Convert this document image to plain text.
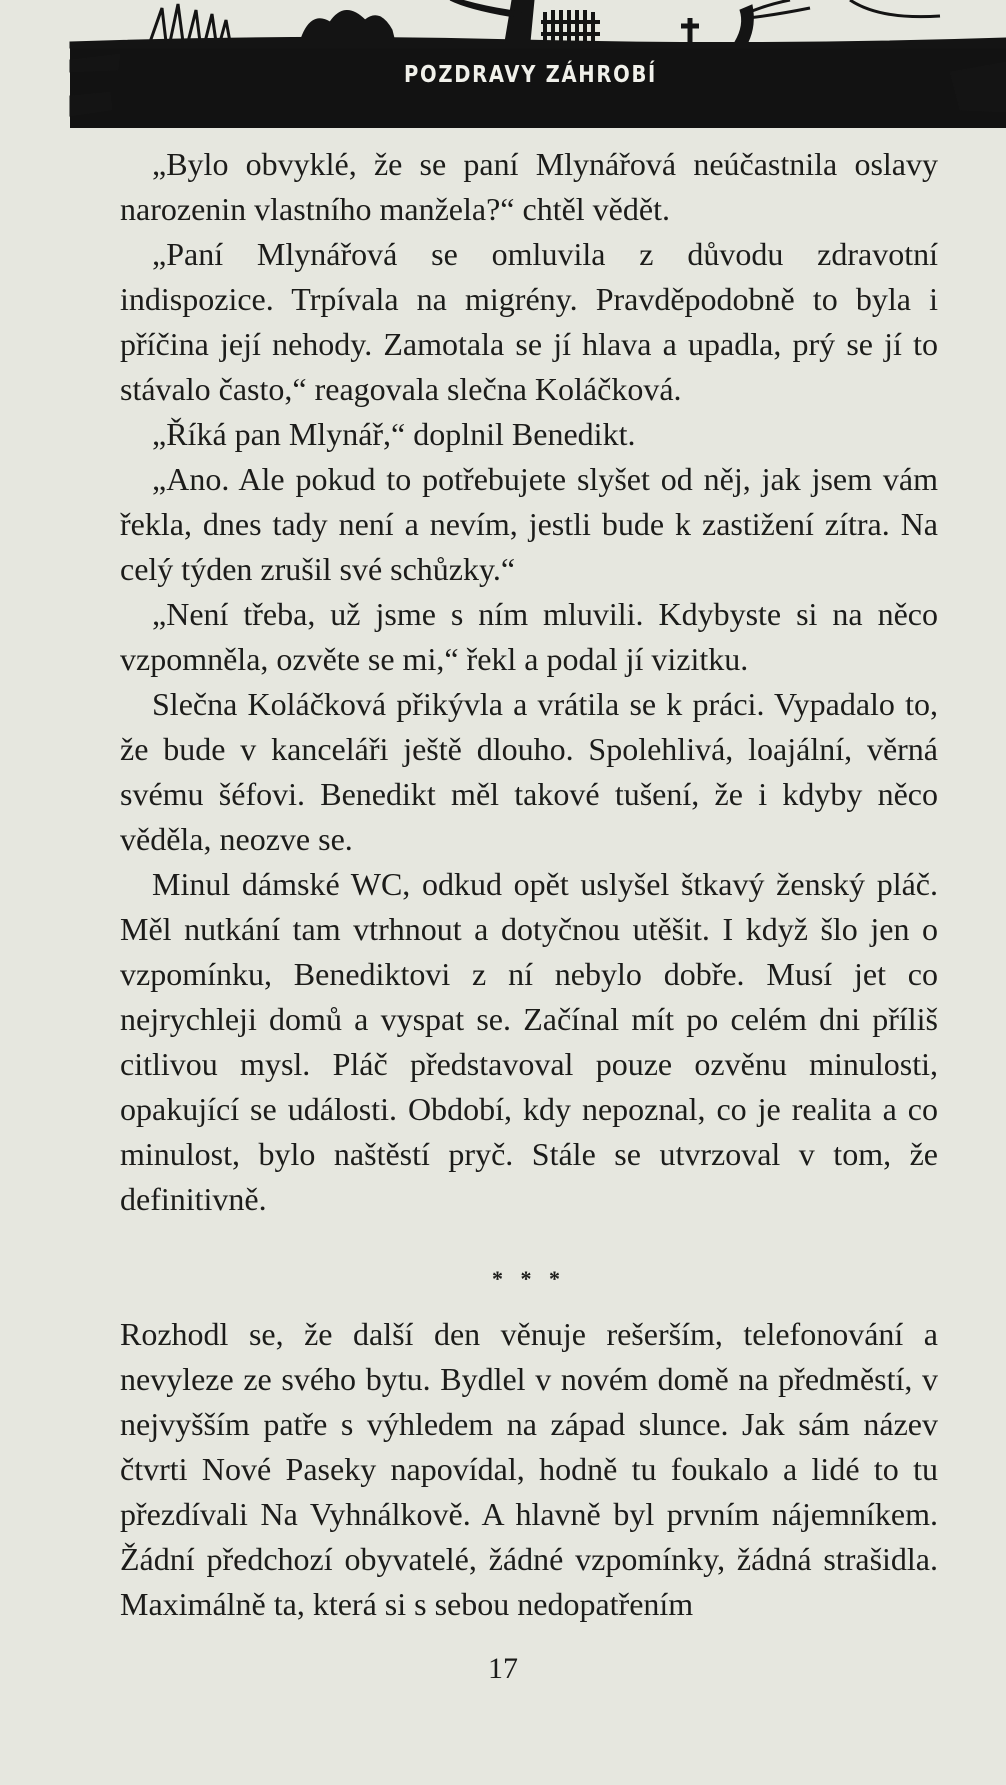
POZDRAVY ZÁHROBÍ

„Bylo obvyklé, že se paní Mlynářová neúčastnila oslavy narozenin vlastního manžela?“ chtěl vědět.

„Paní Mlynářová se omluvila z důvodu zdravotní indispozice. Trpívala na migrény. Pravděpodobně to byla i příčina její nehody. Zamotala se jí hlava a upadla, prý se jí to stávalo často,“ reagovala slečna Koláčková.

„Říká pan Mlynář,“ doplnil Benedikt.

„Ano. Ale pokud to potřebujete slyšet od něj, jak jsem vám řekla, dnes tady není a nevím, jestli bude k zastižení zítra. Na celý týden zrušil své schůzky.“

„Není třeba, už jsme s ním mluvili. Kdybyste si na něco vzpomněla, ozvěte se mi,“ řekl a podal jí vizitku.

Slečna Koláčková přikývla a vrátila se k práci. Vypadalo to, že bude v kanceláři ještě dlouho. Spolehlivá, loajální, věrná svému šéfovi. Benedikt měl takové tušení, že i kdyby něco věděla, neozve se.

Minul dámské WC, odkud opět uslyšel štkavý ženský pláč. Měl nutkání tam vtrhnout a dotyčnou utěšit. I když šlo jen o vzpomínku, Benediktovi z ní nebylo dobře. Musí jet co nejrychleji domů a vyspat se. Začínal mít po celém dni příliš citlivou mysl. Pláč představoval pouze ozvěnu minulosti, opakující se události. Období, kdy nepoznal, co je realita a co minulost, bylo naštěstí pryč. Stále se utvrzoval v tom, že definitivně.

* * *

Rozhodl se, že další den věnuje rešerším, telefonování a nevyleze ze svého bytu. Bydlel v novém domě na předměstí, v nejvyšším patře s výhledem na západ slunce. Jak sám název čtvrti Nové Paseky napovídal, hodně tu foukalo a lidé to tu přezdívali Na Vyhnálkově. A hlavně byl prvním nájemníkem. Žádní předchozí obyvatelé, žádné vzpomínky, žádná strašidla. Maximálně ta, která si s sebou nedopatřením

17
